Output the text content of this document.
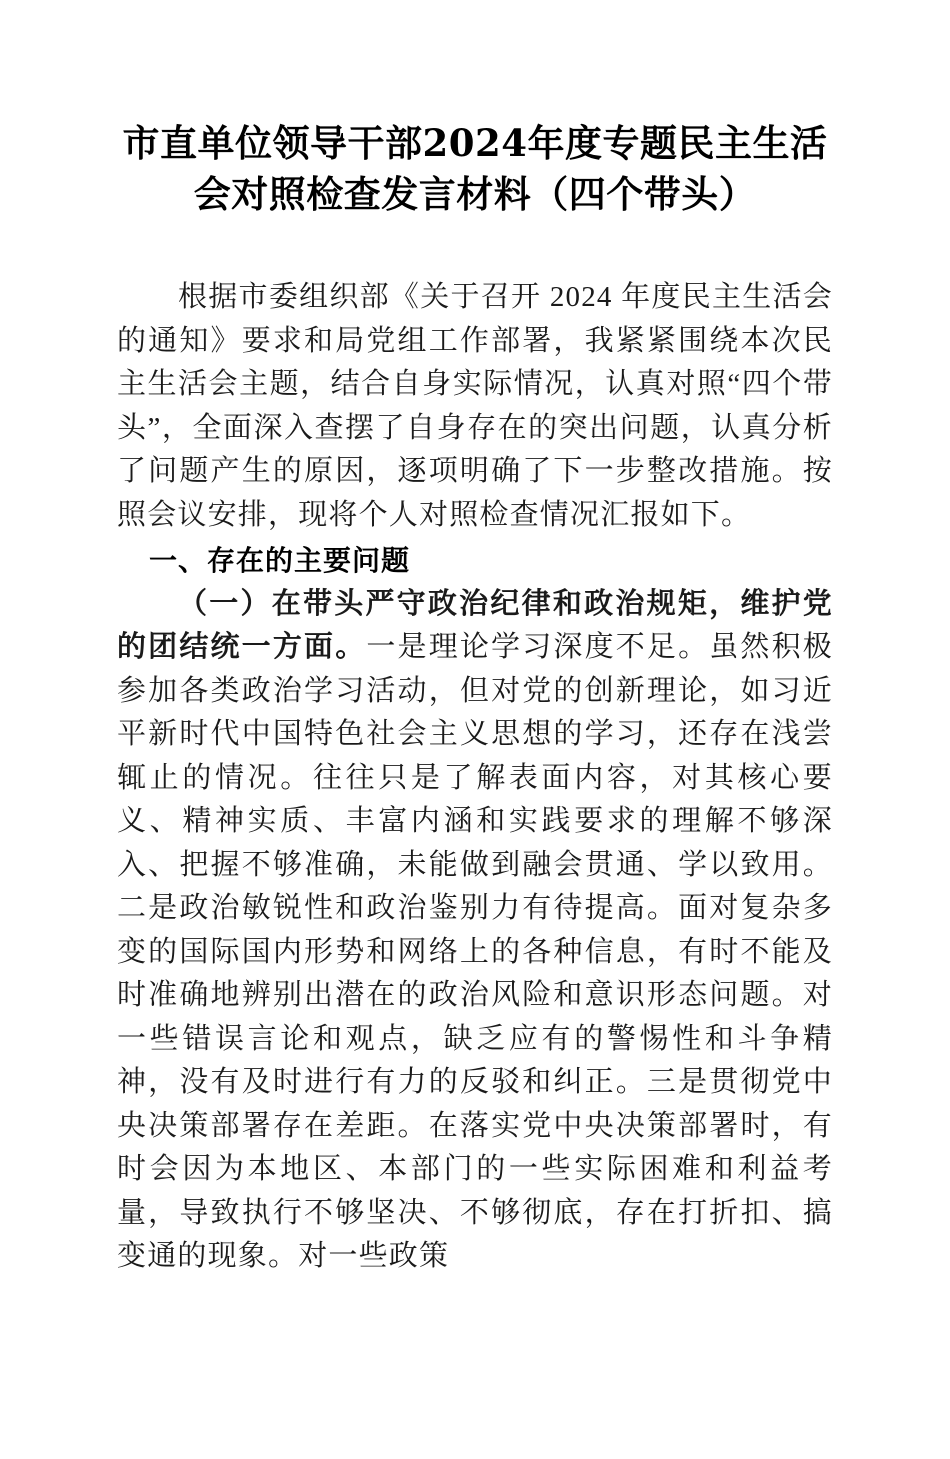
市直单位领导干部2024年度专题民主生活会对照检查发言材料（四个带头）

根据市委组织部《关于召开 2024 年度民主生活会的通知》要求和局党组工作部署，我紧紧围绕本次民主生活会主题，结合自身实际情况，认真对照“四个带头”，全面深入查摆了自身存在的突出问题，认真分析了问题产生的原因，逐项明确了下一步整改措施。按照会议安排，现将个人对照检查情况汇报如下。

一、存在的主要问题

（一）在带头严守政治纪律和政治规矩，维护党的团结统一方面。一是理论学习深度不足。虽然积极参加各类政治学习活动，但对党的创新理论，如习近平新时代中国特色社会主义思想的学习，还存在浅尝辄止的情况。往往只是了解表面内容，对其核心要义、精神实质、丰富内涵和实践要求的理解不够深入、把握不够准确，未能做到融会贯通、学以致用。二是政治敏锐性和政治鉴别力有待提高。面对复杂多变的国际国内形势和网络上的各种信息，有时不能及时准确地辨别出潜在的政治风险和意识形态问题。对一些错误言论和观点，缺乏应有的警惕性和斗争精神，没有及时进行有力的反驳和纠正。三是贯彻党中央决策部署存在差距。在落实党中央决策部署时，有时会因为本地区、本部门的一些实际困难和利益考量，导致执行不够坚决、不够彻底，存在打折扣、搞变通的现象。对一些政策
